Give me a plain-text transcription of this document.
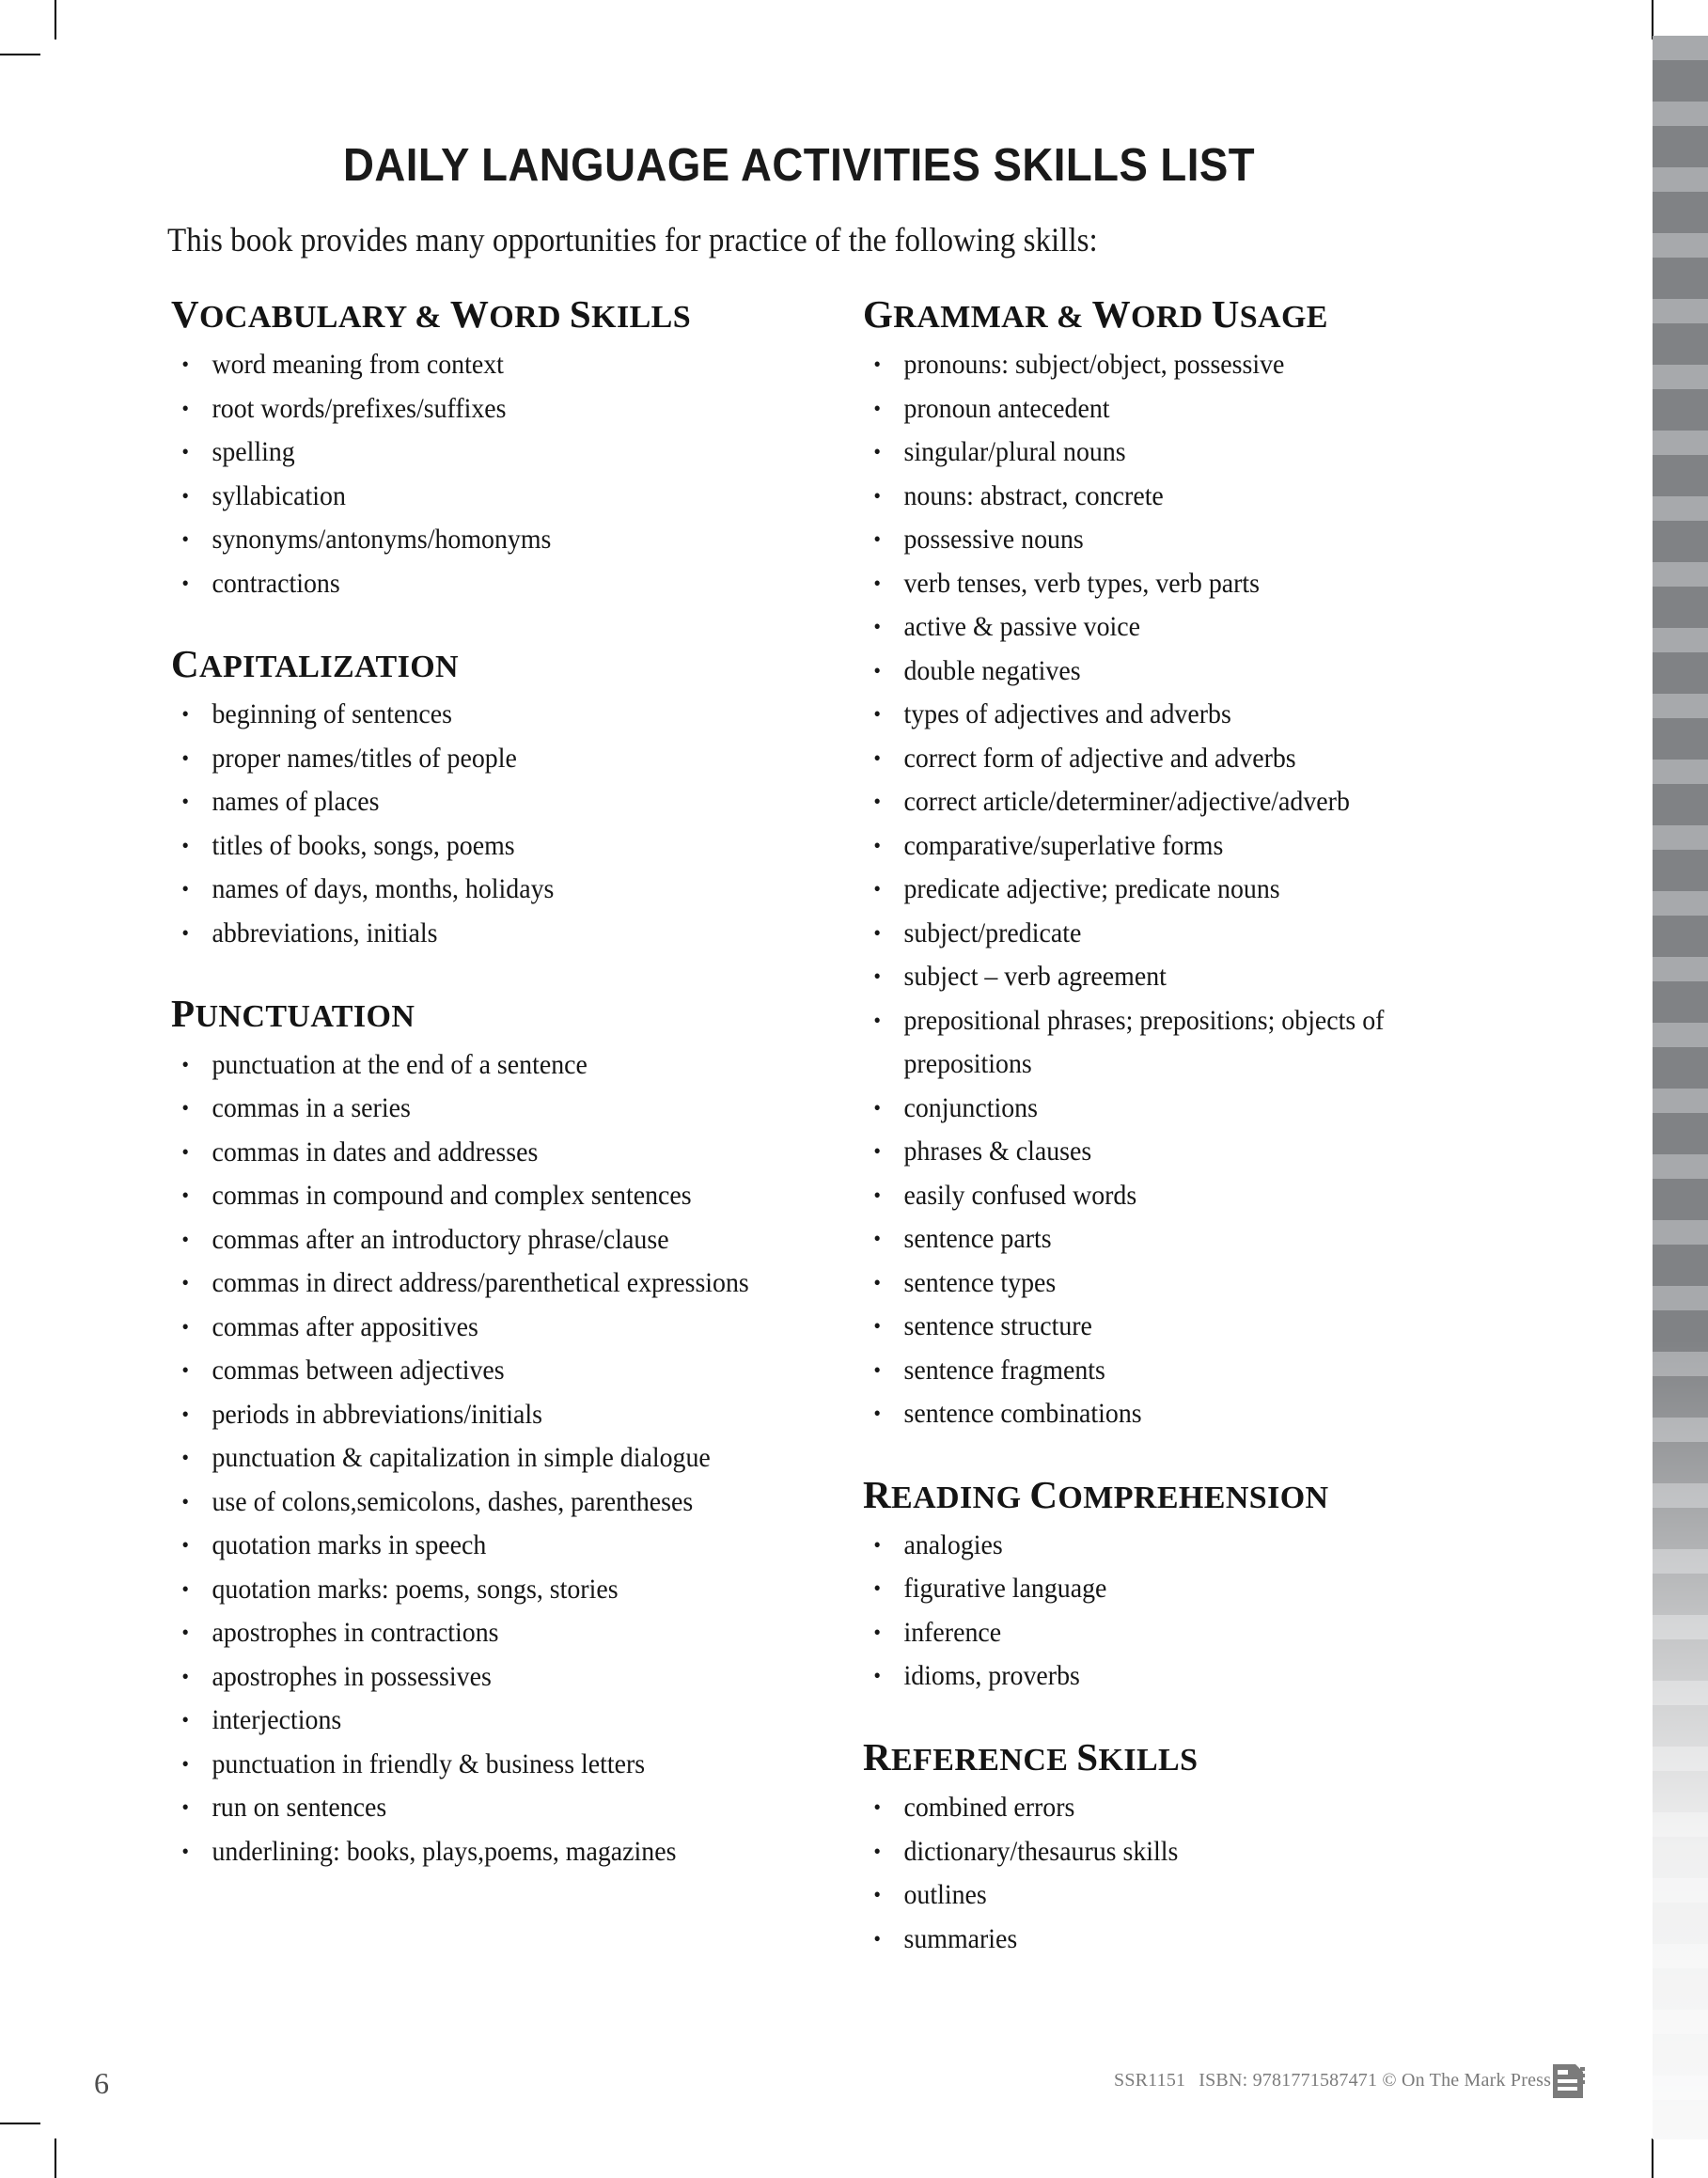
DAILY LANGUAGE ACTIVITIES SKILLS LIST
This book provides many opportunities for practice of the following skills:
VOCABULARY & WORD SKILLS
• word meaning from context
• root words/prefixes/suffixes
• spelling
• syllabication
• synonyms/antonyms/homonyms
• contractions
CAPITALIZATION
• beginning of sentences
• proper names/titles of people
• names of places
• titles of books, songs, poems
• names of days, months, holidays
• abbreviations, initials
PUNCTUATION
• punctuation at the end of a sentence
• commas in a series
• commas in dates and addresses
• commas in compound and complex sentences
• commas after an introductory phrase/clause
• commas in direct address/parenthetical expressions
• commas after appositives
• commas between adjectives
• periods in abbreviations/initials
• punctuation & capitalization in simple dialogue
• use of colons,semicolons, dashes, parentheses
• quotation marks in speech
• quotation marks: poems, songs, stories
• apostrophes in contractions
• apostrophes in possessives
• interjections
• punctuation in friendly & business letters
• run on sentences
• underlining: books, plays,poems, magazines
GRAMMAR & WORD USAGE
• pronouns: subject/object, possessive
• pronoun antecedent
• singular/plural nouns
• nouns: abstract, concrete
• possessive nouns
• verb tenses, verb types, verb parts
• active & passive voice
• double negatives
• types of adjectives and adverbs
• correct form of adjective and adverbs
• correct article/determiner/adjective/adverb
• comparative/superlative forms
• predicate adjective; predicate nouns
• subject/predicate
• subject – verb agreement
• prepositional phrases; prepositions; objects of prepositions
• conjunctions
• phrases & clauses
• easily confused words
• sentence parts
• sentence types
• sentence structure
• sentence fragments
• sentence combinations
READING COMPREHENSION
• analogies
• figurative language
• inference
• idioms, proverbs
REFERENCE SKILLS
• combined errors
• dictionary/thesaurus skills
• outlines
• summaries
6	SSR1151 ISBN: 9781771587471 © On The Mark Press
